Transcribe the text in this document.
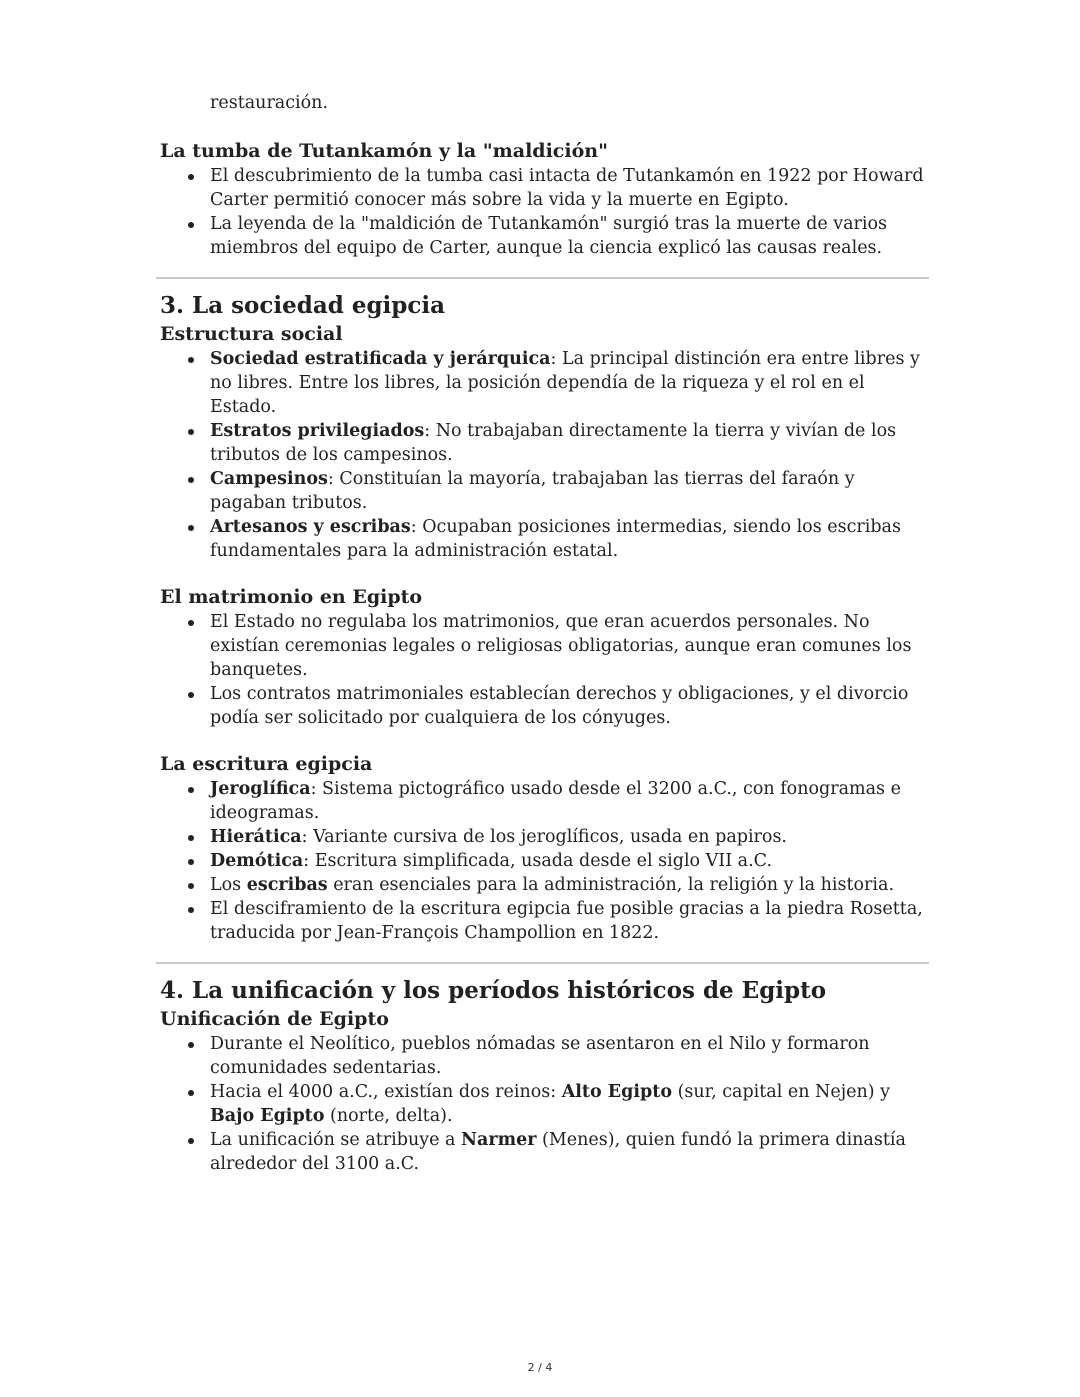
restauración.

La tumba de Tutankamón y la "maldición"
El descubrimiento de la tumba casi intacta de Tutankamón en 1922 por Howard Carter permitió conocer más sobre la vida y la muerte en Egipto.
La leyenda de la "maldición de Tutankamón" surgió tras la muerte de varios miembros del equipo de Carter, aunque la ciencia explicó las causas reales.
3. La sociedad egipcia
Estructura social
Sociedad estratificada y jerárquica: La principal distinción era entre libres y no libres. Entre los libres, la posición dependía de la riqueza y el rol en el Estado.
Estratos privilegiados: No trabajaban directamente la tierra y vivían de los tributos de los campesinos.
Campesinos: Constituían la mayoría, trabajaban las tierras del faraón y pagaban tributos.
Artesanos y escribas: Ocupaban posiciones intermedias, siendo los escribas fundamentales para la administración estatal.
El matrimonio en Egipto
El Estado no regulaba los matrimonios, que eran acuerdos personales. No existían ceremonias legales o religiosas obligatorias, aunque eran comunes los banquetes.
Los contratos matrimoniales establecían derechos y obligaciones, y el divorcio podía ser solicitado por cualquiera de los cónyuges.
La escritura egipcia
Jeroglífica: Sistema pictográfico usado desde el 3200 a.C., con fonogramas e ideogramas.
Hierática: Variante cursiva de los jeroglíficos, usada en papiros.
Demótica: Escritura simplificada, usada desde el siglo VII a.C.
Los escribas eran esenciales para la administración, la religión y la historia.
El desciframiento de la escritura egipcia fue posible gracias a la piedra Rosetta, traducida por Jean-François Champollion en 1822.
4. La unificación y los períodos históricos de Egipto
Unificación de Egipto
Durante el Neolítico, pueblos nómadas se asentaron en el Nilo y formaron comunidades sedentarias.
Hacia el 4000 a.C., existían dos reinos: Alto Egipto (sur, capital en Nejen) y Bajo Egipto (norte, delta).
La unificación se atribuye a Narmer (Menes), quien fundó la primera dinastía alrededor del 3100 a.C.
2 / 4
